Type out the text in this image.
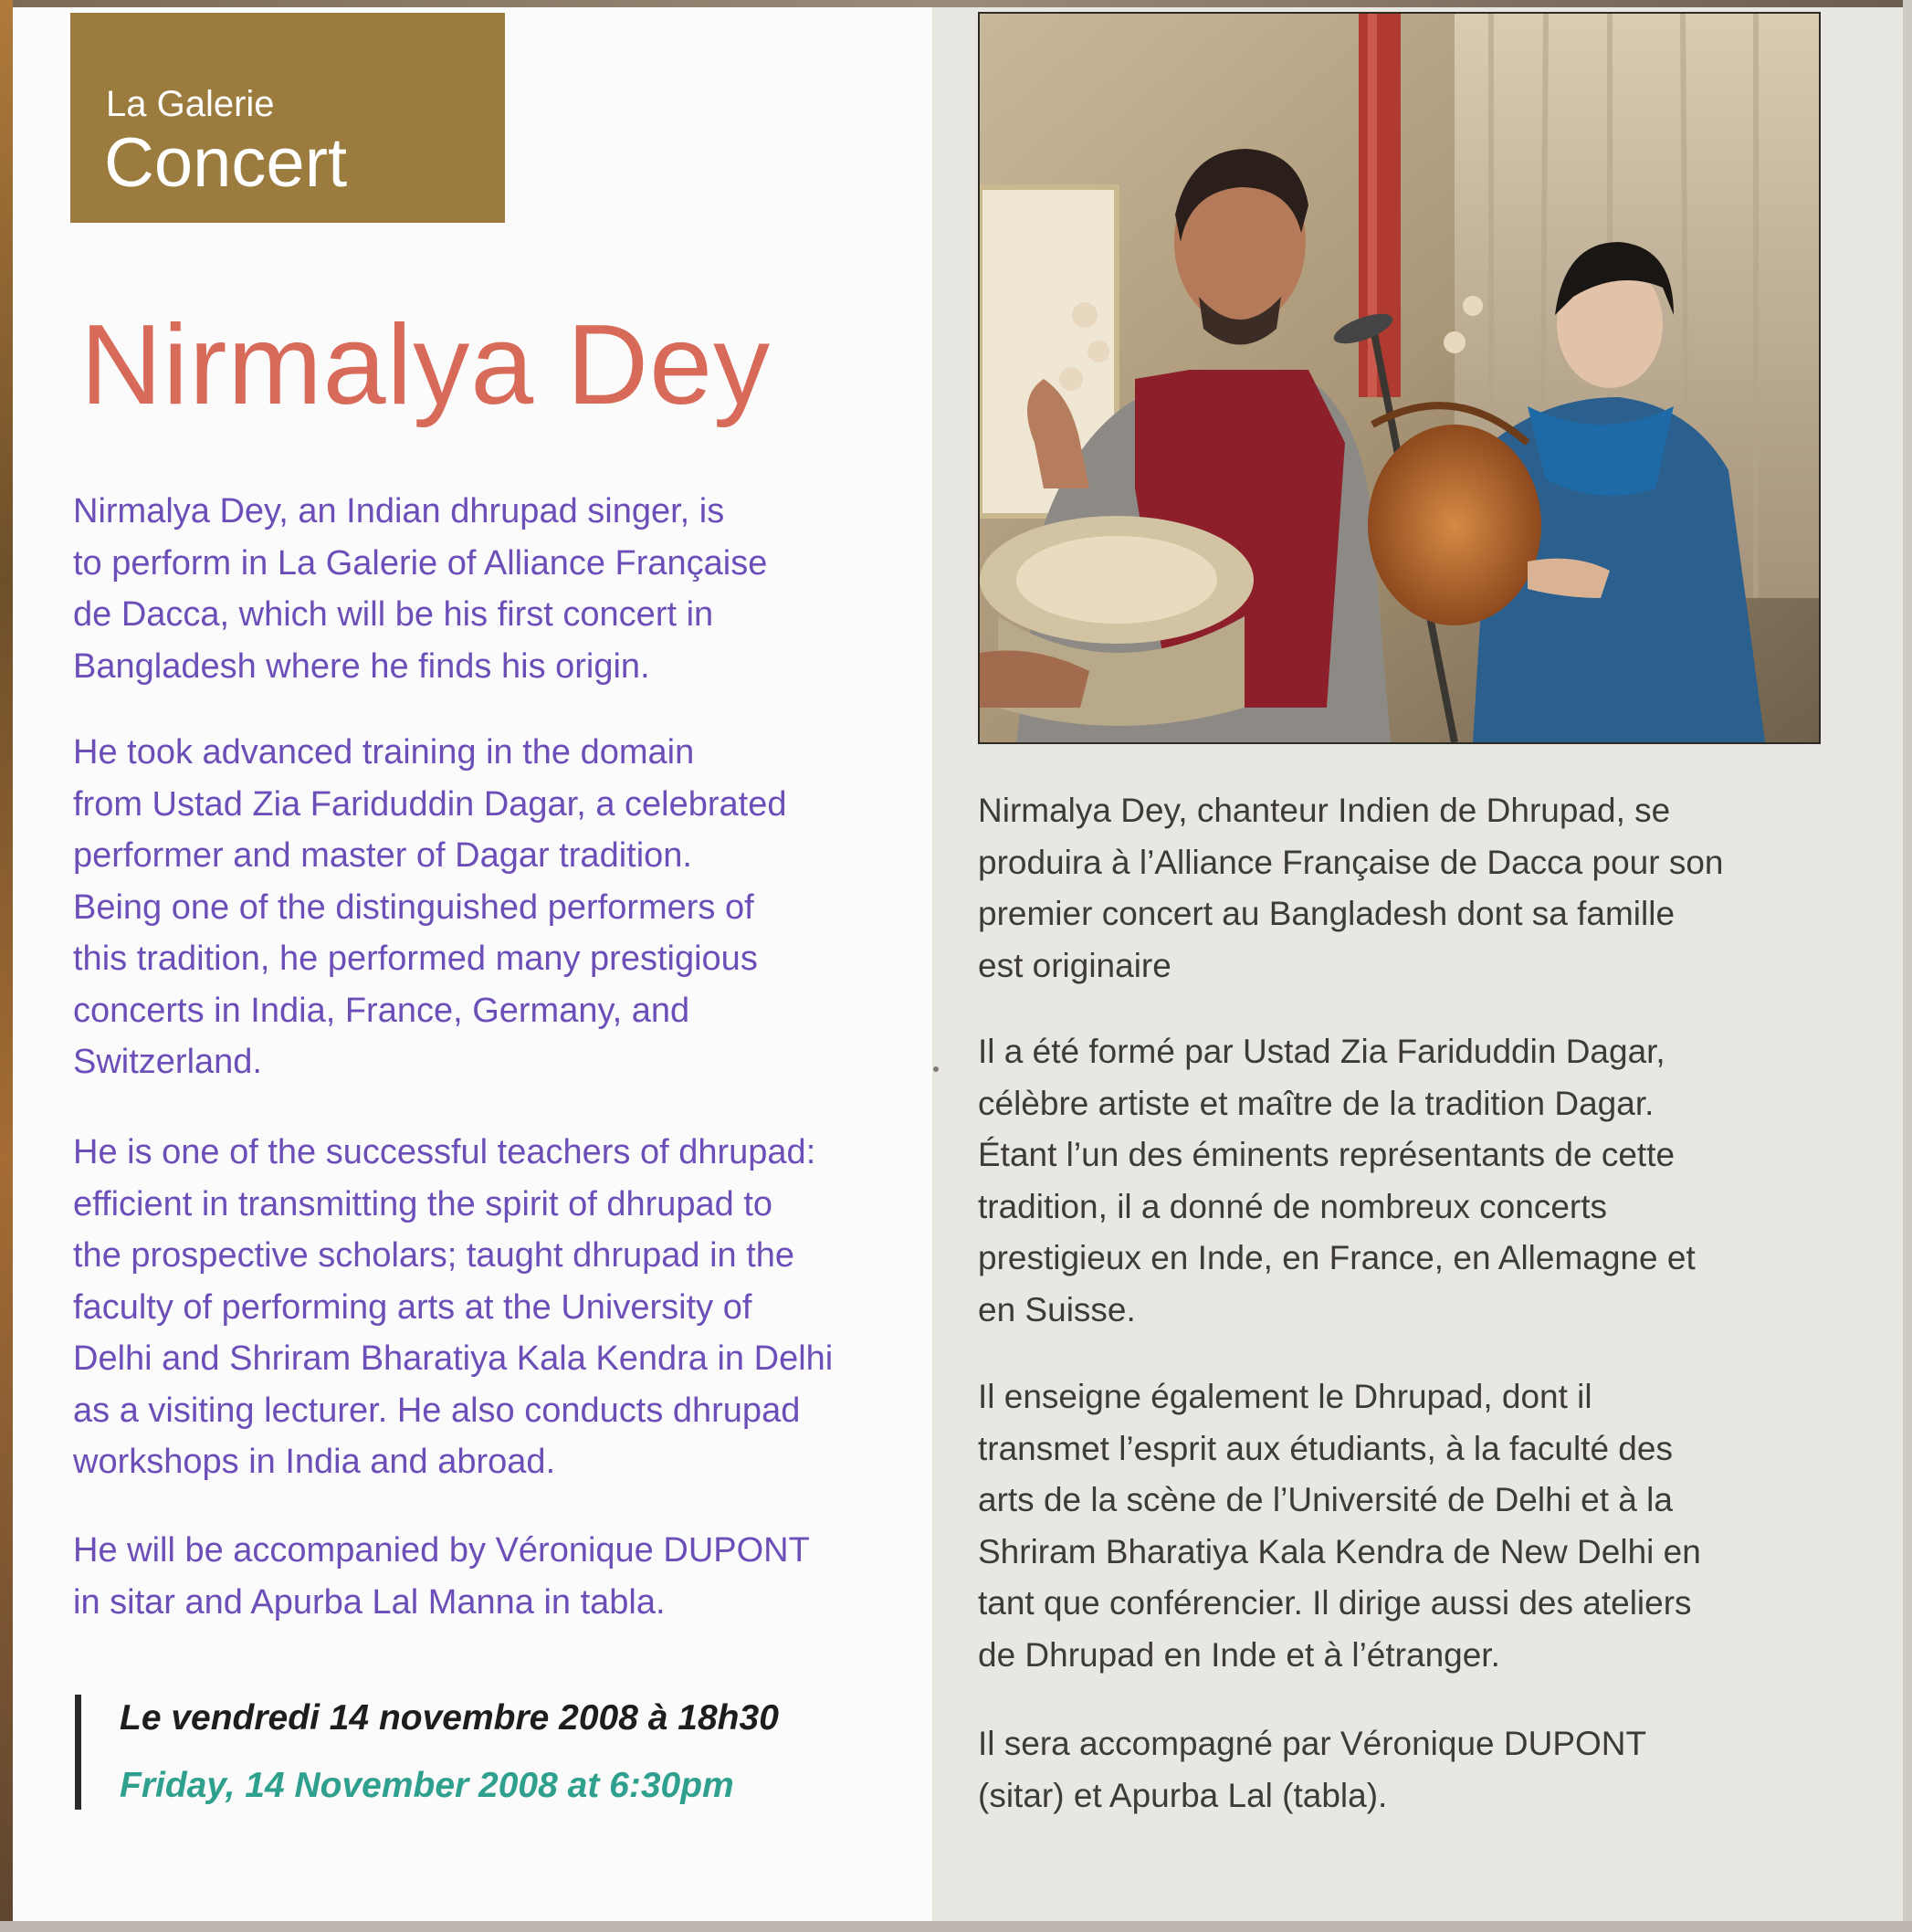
La Galerie
Concert
Nirmalya Dey

Nirmalya Dey, an Indian dhrupad singer, is
to perform in La Galerie of Alliance Française
de Dacca, which will be his first concert in
Bangladesh where he finds his origin.

He took advanced training in the domain
from Ustad Zia Fariduddin Dagar, a celebrated
performer and master of Dagar tradition.
Being one of the distinguished performers of
this tradition, he performed many prestigious
concerts in India, France, Germany, and
Switzerland.

He is one of the successful teachers of dhrupad:
efficient in transmitting the spirit of dhrupad to
the prospective scholars; taught dhrupad in the
faculty of performing arts at the University of
Delhi and Shriram Bharatiya Kala Kendra in Delhi
as a visiting lecturer. He also conducts dhrupad
workshops in India and abroad.

He will be accompanied by Véronique DUPONT
in sitar and Apurba Lal Manna in tabla.

Le vendredi 14 novembre 2008 à 18h30
Friday, 14 November 2008 at 6:30pm

Nirmalya Dey, chanteur Indien de Dhrupad, se
produira à l’Alliance Française de Dacca pour son
premier concert au Bangladesh dont sa famille
est originaire

Il a été formé par Ustad Zia Fariduddin Dagar,
célèbre artiste et maître de la tradition Dagar.
Étant l’un des éminents représentants de cette
tradition, il a donné de nombreux concerts
prestigieux en Inde, en France, en Allemagne et
en Suisse.

Il enseigne également le Dhrupad, dont il
transmet l’esprit aux étudiants, à la faculté des
arts de la scène de l’Université de Delhi et à la
Shriram Bharatiya Kala Kendra de New Delhi en
tant que conférencier. Il dirige aussi des ateliers
de Dhrupad en Inde et à l’étranger.

Il sera accompagné par Véronique DUPONT
(sitar) et Apurba Lal (tabla).
